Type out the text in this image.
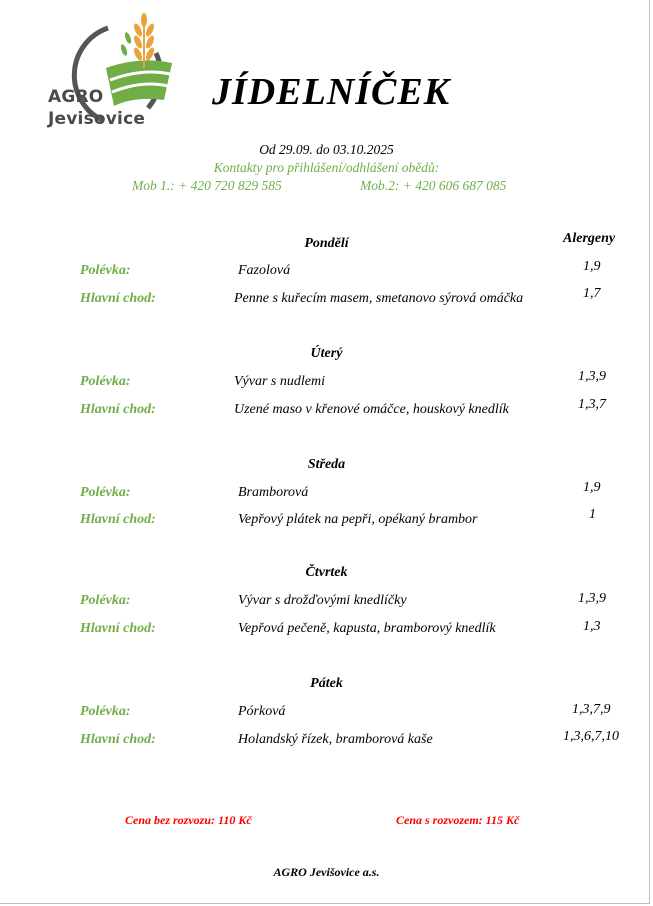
AGRO
Jevišovice
JÍDELNÍČEK
Od 29.09. do 03.10.2025
Kontakty pro přihlášení/odhlášení obědů:
Mob 1.: + 420 720 829 585	Mob.2: + 420 606 687 085
Alergeny
Pondělí
Polévka:	Fazolová	1,9
Hlavní chod:	Penne s kuřecím masem, smetanovo sýrová omáčka	1,7
Úterý
Polévka:	Vývar s nudlemi	1,3,9
Hlavní chod:	Uzené maso v křenové omáčce, houskový knedlík	1,3,7
Středa
Polévka:	Bramborová	1,9
Hlavní chod:	Vepřový plátek na pepři, opékaný brambor	1
Čtvrtek
Polévka:	Vývar s drožďovými knedlíčky	1,3,9
Hlavní chod:	Vepřová pečeně, kapusta, bramborový knedlík	1,3
Pátek
Polévka:	Pórková	1,3,7,9
Hlavní chod:	Holandský řízek, bramborová kaše	1,3,6,7,10
Cena bez rozvozu: 110 Kč	Cena s rozvozem: 115 Kč
AGRO Jevišovice a.s.
